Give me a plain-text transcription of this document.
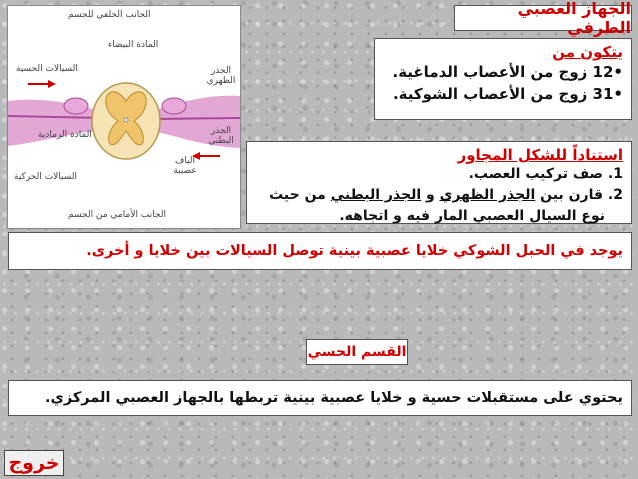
الجهاز العصبي الطرفي
الجانب الخلفي للجسم
المادة البيضاء
السيالات الحسية	الجذر الظهري
المادة الرمادية	الجذر البطني
الياف عصبية
السيالات الحركية
الجانب الأمامي من الجسم
يتكون من
•12 زوج من الأعصاب الدماغية.
•31 زوج من الأعصاب الشوكية.
استناداً للشكل المجاور
1. صف تركيب العصب.
2. قارن بين الجذر الظهري و الجذر البطني من حيث
نوع السيال العصبي المار فيه و اتجاهه.
يوجد في الحبل الشوكي خلايا عصبية بينية توصل السيالات بين خلايا و أخرى.
القسم الحسي
يحتوي على مستقبلات حسية و خلايا عصبية بينية تربطها بالجهاز العصبي المركزي.
خروج
